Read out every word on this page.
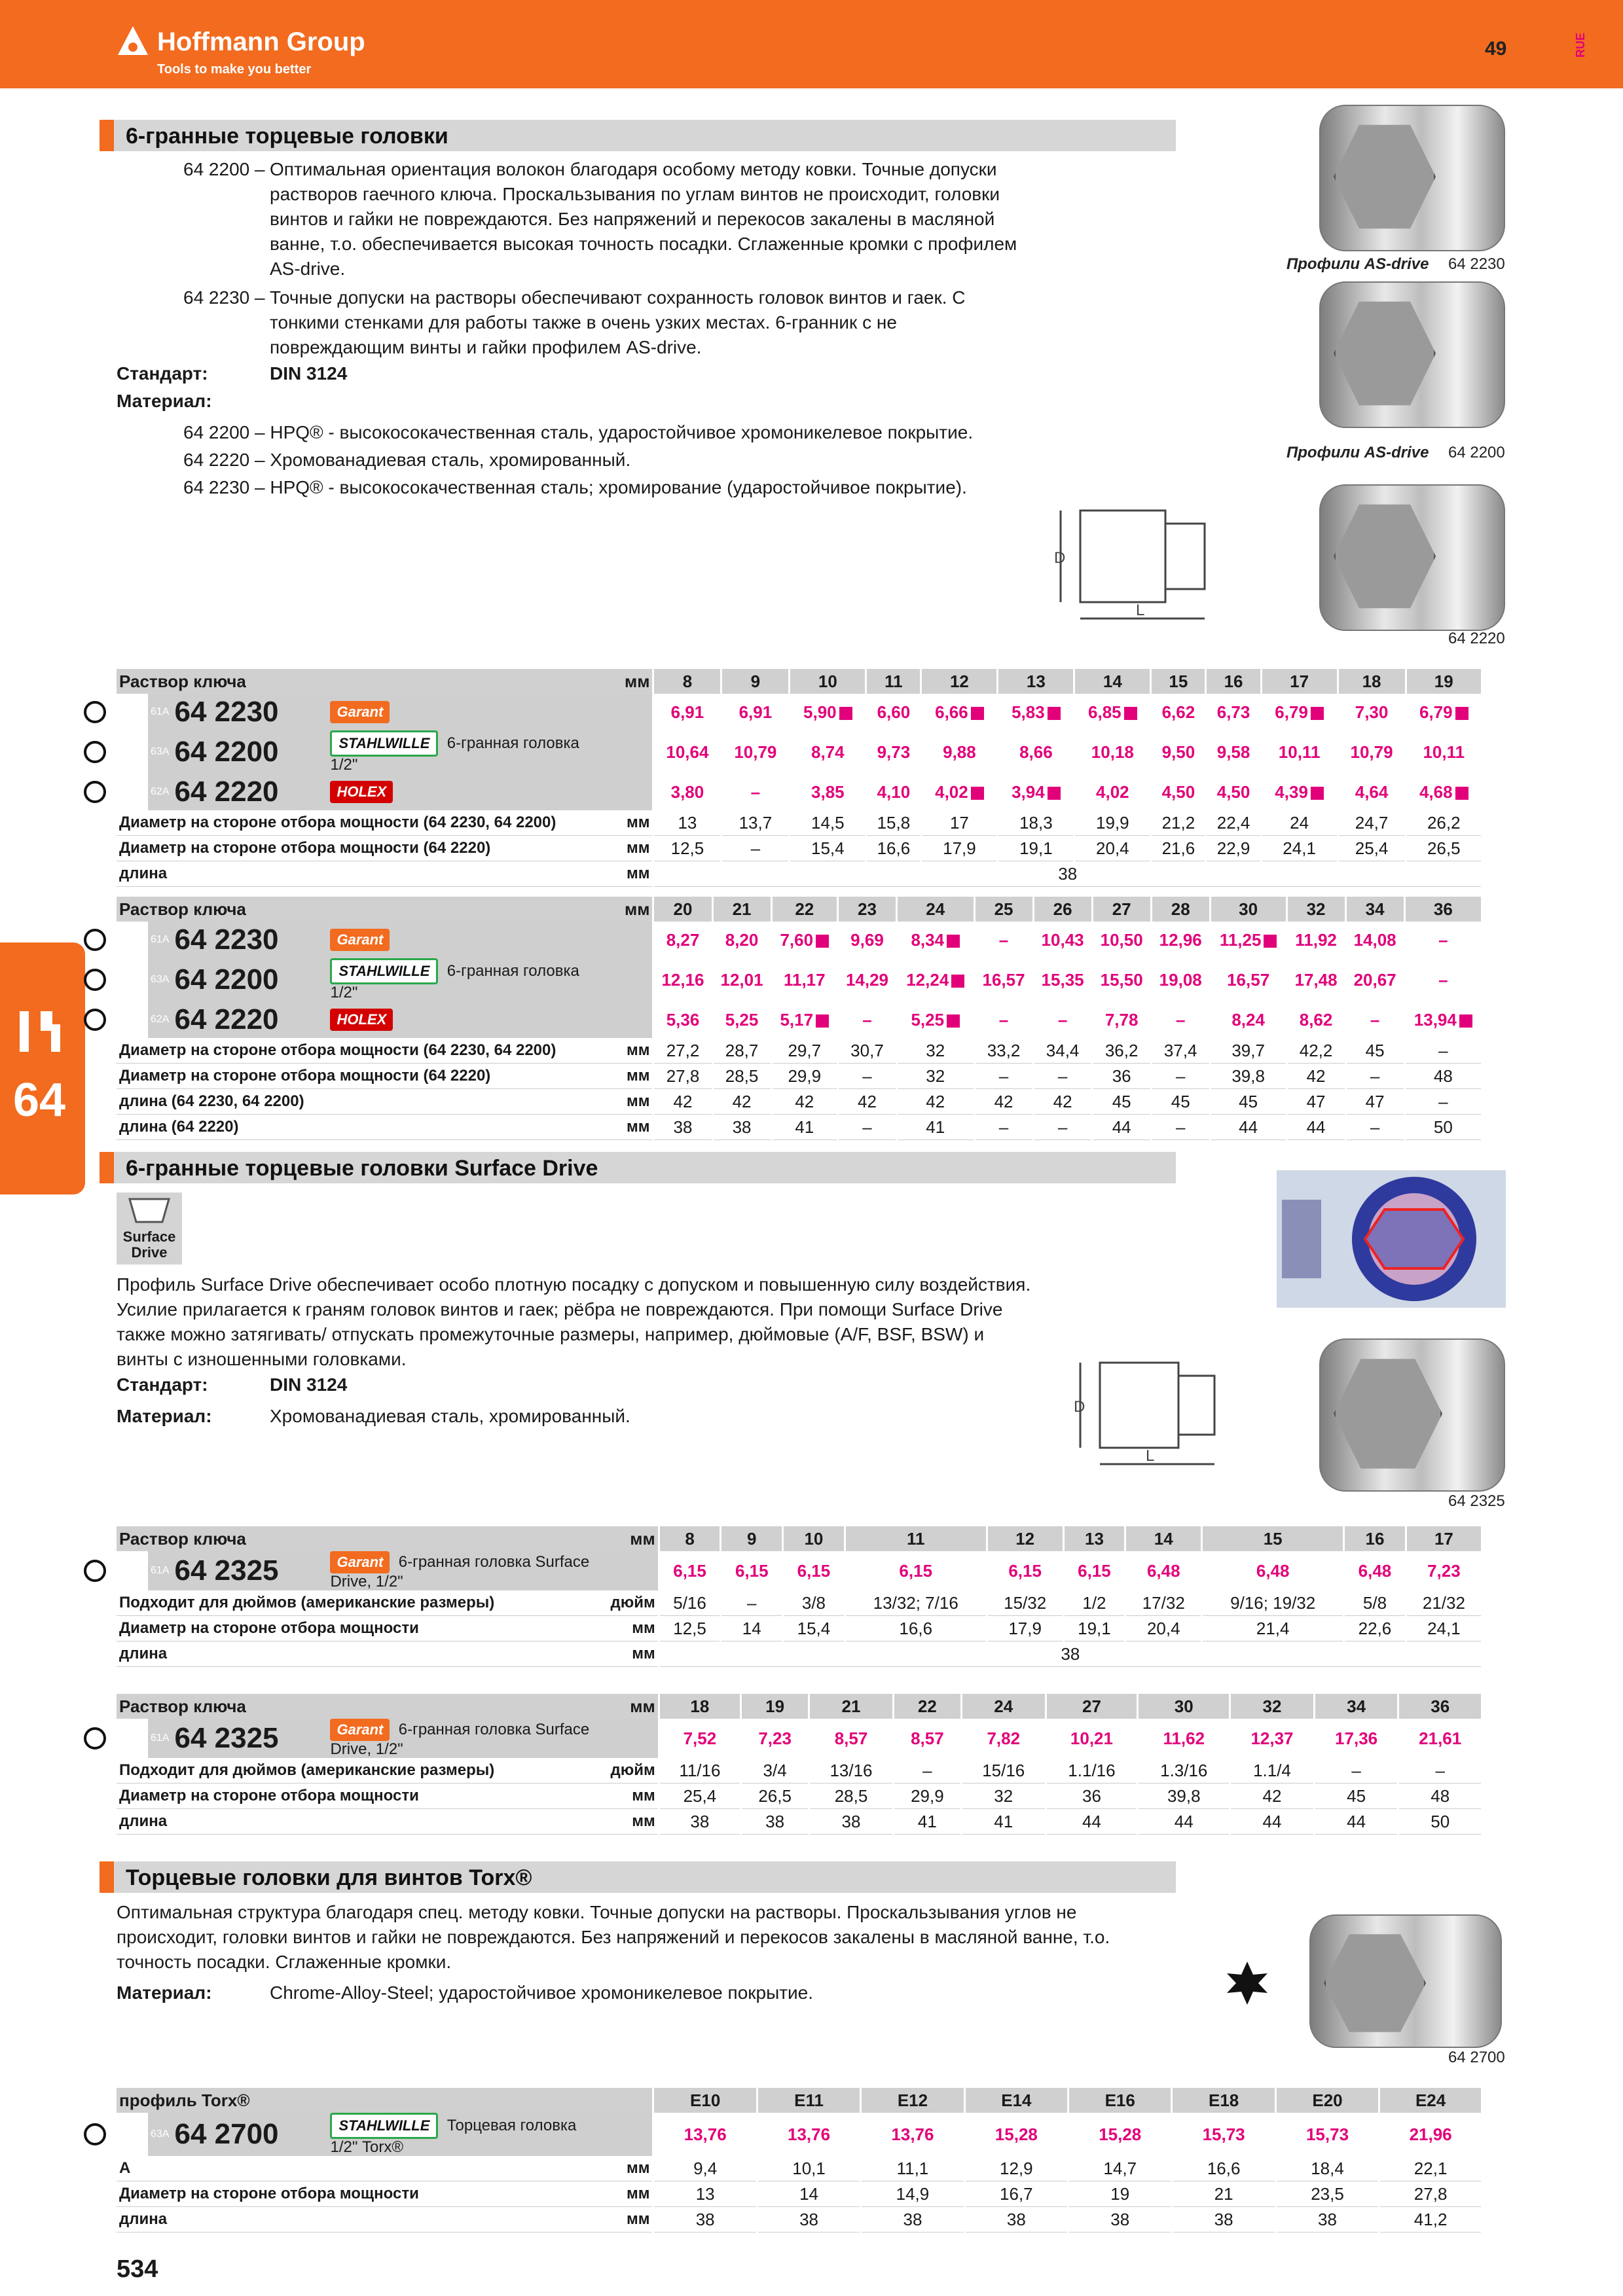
Hoffmann Group
Tools to make you better
49	RUE
64
6-гранные торцевые головки
64 2200 – Оптимальная ориентация волокон благодаря особому методу ковки. Точные допуски растворов гаечного ключа. Проскальзывания по углам винтов не происходит, головки винтов и гайки не повреждаются. Без напряжений и перекосов закалены в масляной ванне, т.о. обеспечивается высокая точность посадки. Сглаженные кромки с профилем AS-drive.
64 2230 – Точные допуски на растворы обеспечивают сохранность головок винтов и гаек. С тонкими стенками для работы также в очень узких местах. 6-гранник с не повреждающим винты и гайки профилем AS-drive.
Стандарт:	DIN 3124
Материал:
64 2200 – HPQ® - высокосокачественная сталь, ударостойчивое хромоникелевое покрытие.
64 2220 – Хромованадиевая сталь, хромированный.
64 2230 – HPQ® - высокосокачественная сталь; хромирование (ударостойчивое покрытие).
Профили AS-drive 64 2230
Профили AS-drive 64 2200
64 2220
D
L
Раствор ключа				мм	8	9	10	11	12	13	14	15	16	17	18	19
	61A	64 2230	Garant		6,91	6,91	5,90	6,60	6,66	5,83	6,85	6,62	6,73	6,79	7,30	6,79
	63A	64 2200	STAHLWILLE  6-гранная головка 1/2"		10,64	10,79	8,74	9,73	9,88	8,66	10,18	9,50	9,58	10,11	10,79	10,11
	62A	64 2220	HOLEX		3,80	–	3,85	4,10	4,02	3,94	4,02	4,50	4,50	4,39	4,64	4,68
Диаметр на стороне отбора мощности (64 2230, 64 2200)				мм	13	13,7	14,5	15,8	17	18,3	19,9	21,2	22,4	24	24,7	26,2
Диаметр на стороне отбора мощности (64 2220)				мм	12,5	–	15,4	16,6	17,9	19,1	20,4	21,6	22,9	24,1	25,4	26,5
длина				мм	38											
Раствор ключа				мм	20	21	22	23	24	25	26	27	28	30	32	34	36
	61A	64 2230	Garant		8,27	8,20	7,60	9,69	8,34	–	10,43	10,50	12,96	11,25	11,92	14,08	–
	63A	64 2200	STAHLWILLE  6-гранная головка 1/2"		12,16	12,01	11,17	14,29	12,24	16,57	15,35	15,50	19,08	16,57	17,48	20,67	–
	62A	64 2220	HOLEX		5,36	5,25	5,17	–	5,25	–	–	7,78	–	8,24	8,62	–	13,94
Диаметр на стороне отбора мощности (64 2230, 64 2200)				мм	27,2	28,7	29,7	30,7	32	33,2	34,4	36,2	37,4	39,7	42,2	45	–
Диаметр на стороне отбора мощности (64 2220)				мм	27,8	28,5	29,9	–	32	–	–	36	–	39,8	42	–	48
длина (64 2230, 64 2200)				мм	42	42	42	42	42	42	42	45	45	45	47	47	–
длина (64 2220)				мм	38	38	41	–	41	–	–	44	–	44	44	–	50
6-гранные торцевые головки Surface Drive
Surface
Drive
Профиль Surface Drive обеспечивает особо плотную посадку с допуском и повышенную силу воздействия. Усилие прилагается к граням головок винтов и гаек; рёбра не повреждаются. При помощи Surface Drive также можно затягивать/ отпускать промежуточные размеры, например, дюймовые (A/F, BSF, BSW) и винты с изношенными головками.
Стандарт:	DIN 3124
Материал:	Хромованадиевая сталь, хромированный.	D
L
64 2325
Раствор ключа				мм	8	9	10	11	12	13	14	15	16	17
	61A	64 2325	Garant  6-гранная головка Surface Drive, 1/2"		6,15	6,15	6,15	6,15	6,15	6,15	6,48	6,48	6,48	7,23
Подходит для дюймов (американские размеры)				дюйм	5/16	–	3/8	13/32; 7/16	15/32	1/2	17/32	9/16; 19/32	5/8	21/32
Диаметр на стороне отбора мощности				мм	12,5	14	15,4	16,6	17,9	19,1	20,4	21,4	22,6	24,1
длина				мм	38									
Раствор ключа				мм	18	19	21	22	24	27	30	32	34	36
	61A	64 2325	Garant  6-гранная головка Surface Drive, 1/2"		7,52	7,23	8,57	8,57	7,82	10,21	11,62	12,37	17,36	21,61
Подходит для дюймов (американские размеры)				дюйм	11/16	3/4	13/16	–	15/16	1.1/16	1.3/16	1.1/4	–	–
Диаметр на стороне отбора мощности				мм	25,4	26,5	28,5	29,9	32	36	39,8	42	45	48
длина				мм	38	38	38	41	41	44	44	44	44	50
Торцевые головки для винтов Torx®
Оптимальная структура благодаря спец. методу ковки. Точные допуски на растворы. Проскальзывания углов не происходит, головки винтов и гайки не повреждаются. Без напряжений и перекосов закалены в масляной ванне, т.о. точность посадки. Сглаженные кромки.
Материал:	Chrome-Alloy-Steel; ударостойчивое хромоникелевое покрытие.
64 2700
профиль Torx®					E10	E11	E12	E14	E16	E18	E20	E24
	63A	64 2700	STAHLWILLE  Торцевая головка 1/2" Torx®		13,76	13,76	13,76	15,28	15,28	15,73	15,73	21,96
A				мм	9,4	10,1	11,1	12,9	14,7	16,6	18,4	22,1
Диаметр на стороне отбора мощности				мм	13	14	14,9	16,7	19	21	23,5	27,8
длина				мм	38	38	38	38	38	38	38	41,2
534
